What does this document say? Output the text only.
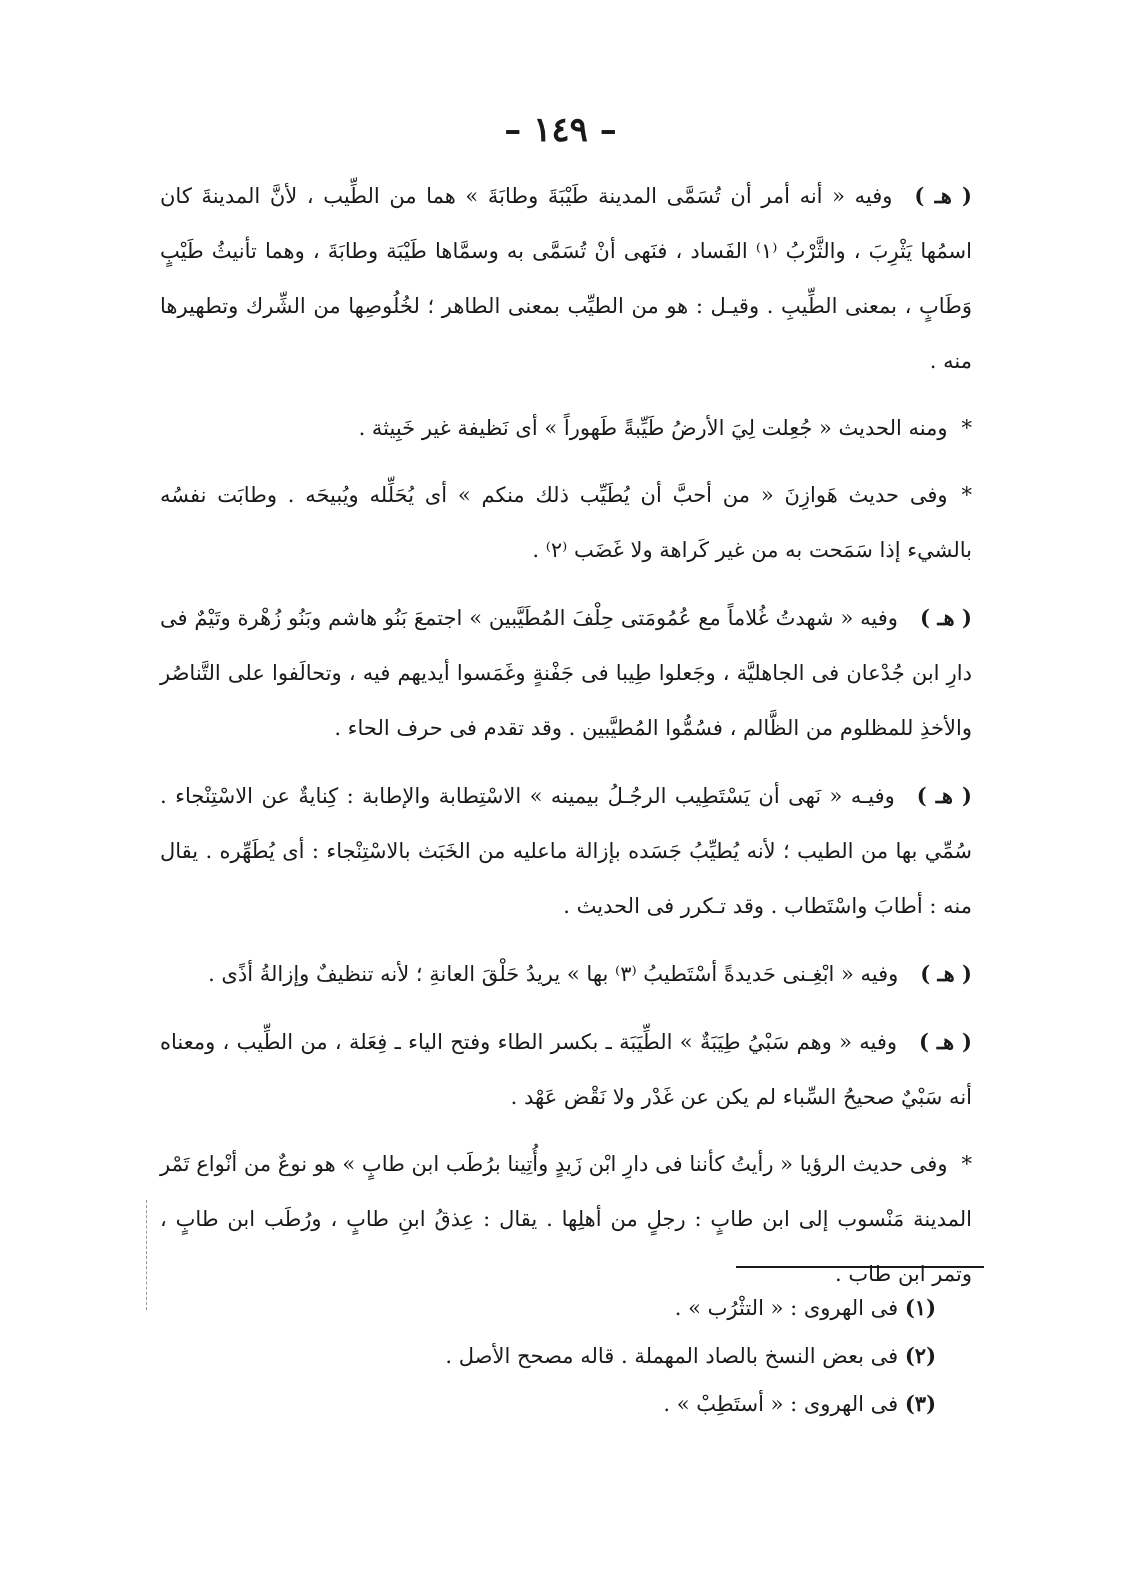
– ١٤٩ –

( هـ )وفيه « أنه أمر أن تُسَمَّى المدينة طَيْبَةَ وطابَةَ » هما من الطِّيب ، لأنَّ المدينةَ كان اسمُها يَثْرِبَ ، والثَّرْبُ ⁽١⁾ الفَساد ، فنَهى أنْ تُسَمَّى به وسمَّاها طَيْبَة وطابَةَ ، وهما تأنيثُ طَيْبٍ وَطَابٍ ، بمعنى الطِّيبِ . وقيـل : هو من الطيِّب بمعنى الطاهر ؛ لخُلُوصِها من الشِّرك وتطهيرها منه .

*ومنه الحديث « جُعِلت لِيَ الأرضُ طَيِّبةً طَهوراً » أى نَظيفة غير خَبِيثة .

*وفى حديث هَوازِنَ « من أحبَّ أن يُطَيِّب ذلك منكم » أى يُحَلِّله ويُبيحَه . وطابَت نفسُه بالشيء إذا سَمَحت به من غير كَراهة ولا غَضَب ⁽٢⁾ .

( هـ )وفيه « شهدتُ غُلاماً مع عُمُومَتى حِلْفَ المُطَيَّبين » اجتمعَ بَنُو هاشم وبَنُو زُهْرة وتَيْمٌ فى دارِ ابن جُدْعان فى الجاهليَّة ، وجَعلوا طِيبا فى جَفْنةٍ وغَمَسوا أيديهم فيه ، وتحالَفوا على التَّناصُر والأخذِ للمظلوم من الظَّالم ، فسُمُّوا المُطيَّبين . وقد تقدم فى حرف الحاء .

( هـ )وفيـه « نَهى أن يَسْتَطِيب الرجُـلُ بيمينه » الاسْتِطابة والإطابة : كِنايةٌ عن الاسْتِنْجاء . سُمِّي بها من الطيب ؛ لأنه يُطيِّبُ جَسَده بإزالة ماعليه من الخَبَث بالاسْتِنْجاء : أى يُطَهِّره . يقال منه : أطابَ واسْتَطاب . وقد تـكرر فى الحديث .

( هـ )وفيه « ابْغِـنى حَديدةً أسْتَطيبُ ⁽٣⁾ بها » يريدُ حَلْقَ العانةِ ؛ لأنه تنظيفٌ وإزالةُ أذًى .

( هـ )وفيه « وهم سَبْيُ طِيَبَةٌ » الطِّيَبَة ـ بكسر الطاء وفتح الياء ـ فِعَلة ، من الطِّيب ، ومعناه أنه سَبْيٌ صحيحُ السِّباء لم يكن عن غَدْر ولا نَقْض عَهْد .

*وفى حديث الرؤيا « رأيتُ كأننا فى دارِ ابْن زَيدٍ وأُتِينا برُطَب ابن طابٍ » هو نوعٌ من أنْواع تَمْر المدينة مَنْسوب إلى ابن طابٍ : رجلٍ من أهلِها . يقال : عِذقُ ابنِ طابٍ ، ورُطَب ابن طابٍ ، وتمر ابن طاب .

(١) فى الهروى : « التثْرُب » .

(٢) فى بعض النسخ بالصاد المهملة . قاله مصحح الأصل .

(٣) فى الهروى : « أستَطِبْ » .
